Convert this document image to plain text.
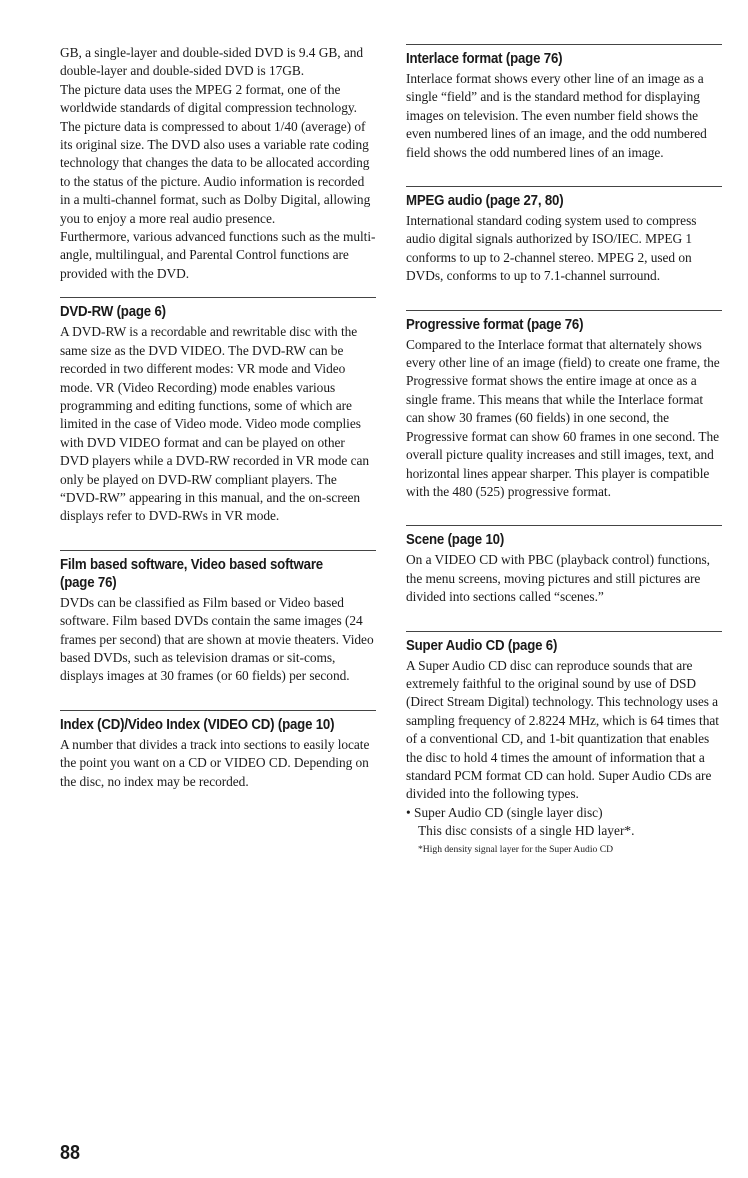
GB, a single-layer and double-sided DVD is 9.4 GB, and double-layer and double-sided DVD is 17GB.

The picture data uses the MPEG 2 format, one of the worldwide standards of digital compression technology. The picture data is compressed to about 1/40 (average) of its original size. The DVD also uses a variable rate coding technology that changes the data to be allocated according to the status of the picture. Audio information is recorded in a multi-channel format, such as Dolby Digital, allowing you to enjoy a more real audio presence.

Furthermore, various advanced functions such as the multi-angle, multilingual, and Parental Control functions are provided with the DVD.

DVD-RW (page 6)

A DVD-RW is a recordable and rewritable disc with the same size as the DVD VIDEO. The DVD-RW can be recorded in two different modes: VR mode and Video mode. VR (Video Recording) mode enables various programming and editing functions, some of which are limited in the case of Video mode. Video mode complies with DVD VIDEO format and can be played on other DVD players while a DVD-RW recorded in VR mode can only be played on DVD-RW compliant players. The “DVD-RW” appearing in this manual, and the on-screen displays refer to DVD-RWs in VR mode.

Film based software, Video based software (page 76)

DVDs can be classified as Film based or Video based software. Film based DVDs contain the same images (24 frames per second) that are shown at movie theaters. Video based DVDs, such as television dramas or sit-coms, displays images at 30 frames (or 60 fields) per second.

Index (CD)/Video Index (VIDEO CD) (page 10)

A number that divides a track into sections to easily locate the point you want on a CD or VIDEO CD. Depending on the disc, no index may be recorded.

Interlace format (page 76)

Interlace format shows every other line of an image as a single “field” and is the standard method for displaying images on television. The even number field shows the even numbered lines of an image, and the odd numbered field shows the odd numbered lines of an image.

MPEG audio (page 27, 80)

International standard coding system used to compress audio digital signals authorized by ISO/IEC. MPEG 1 conforms to up to 2-channel stereo. MPEG 2, used on DVDs, conforms to up to 7.1-channel surround.

Progressive format (page 76)

Compared to the Interlace format that alternately shows every other line of an image (field) to create one frame, the Progressive format shows the entire image at once as a single frame. This means that while the Interlace format can show 30 frames (60 fields) in one second, the Progressive format can show 60 frames in one second. The overall picture quality increases and still images, text, and horizontal lines appear sharper. This player is compatible with the 480 (525) progressive format.

Scene (page 10)

On a VIDEO CD with PBC (playback control) functions, the menu screens, moving pictures and still pictures are divided into sections called “scenes.”

Super Audio CD (page 6)

A Super Audio CD disc can reproduce sounds that are extremely faithful to the original sound by use of DSD (Direct Stream Digital) technology. This technology uses a sampling frequency of 2.8224 MHz, which is 64 times that of a conventional CD, and 1-bit quantization that enables the disc to hold 4 times the amount of information that a standard PCM format CD can hold. Super Audio CDs are divided into the following types.

• Super Audio CD (single layer disc)

This disc consists of a single HD layer*.

*High density signal layer for the Super Audio CD

88
